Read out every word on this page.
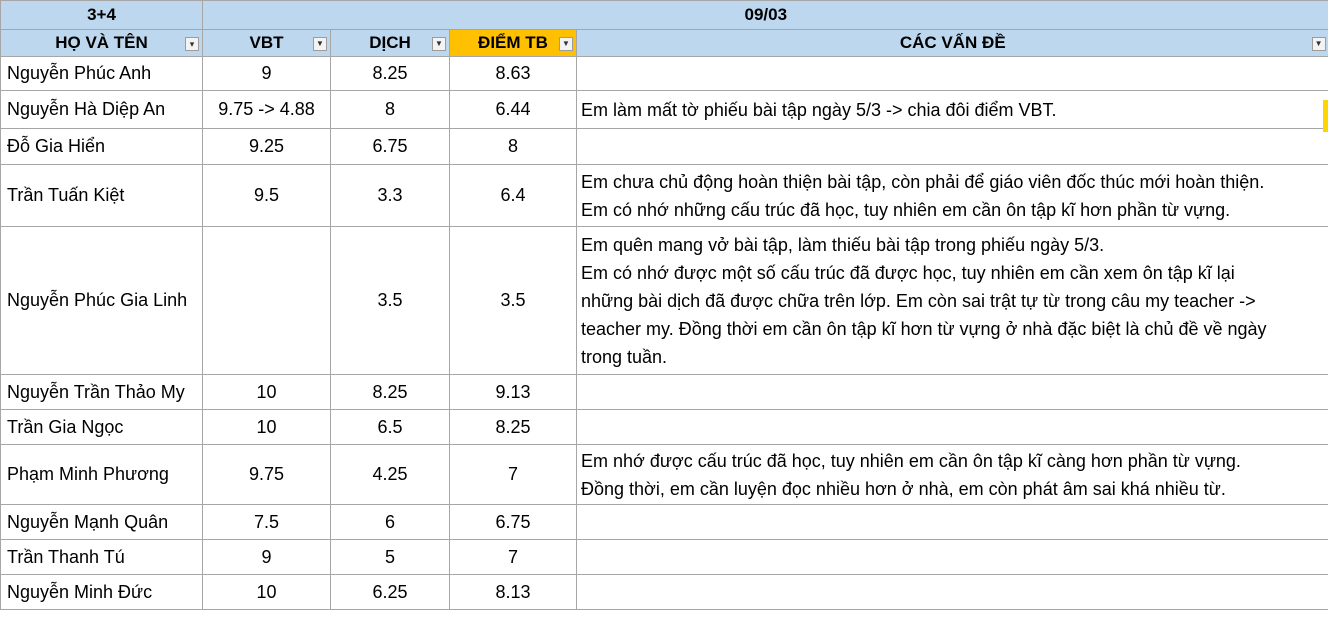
3+4	09/03			
HỌ VÀ TÊN ▾	VBT ▼	DỊCH ▼	ĐIỂM TB ▼	CÁC VẤN ĐỀ ▼

Nguyễn Phúc Anh	9	8.25	8.63	
Nguyễn Hà Diệp An	9.75 -> 4.88	8	6.44	Em làm mất tờ phiếu bài tập ngày 5/3 -> chia đôi điểm VBT.

Đỗ Gia Hiển	9.25	6.75	8	
Trần Tuấn Kiệt	9.5	3.3	6.4	Em chưa chủ động hoàn thiện bài tập, còn phải để giáo viên đốc thúc mới hoàn thiện.
Em có nhớ những cấu trúc đã học, tuy nhiên em cần ôn tập kĩ hơn phần từ vựng.

Nguyễn Phúc Gia Linh		3.5	3.5	Em quên mang vở bài tập, làm thiếu bài tập trong phiếu ngày 5/3.
Em có nhớ được một số cấu trúc đã được học, tuy nhiên em cần xem ôn tập kĩ lại
những bài dịch đã được chữa trên lớp. Em còn sai trật tự từ trong câu my teacher ->
teacher my. Đồng thời em cần ôn tập kĩ hơn từ vựng ở nhà đặc biệt là chủ đề về ngày
trong tuần.

Nguyễn Trần Thảo My	10	8.25	9.13	
Trần Gia Ngọc	10	6.5	8.25	
Phạm Minh Phương	9.75	4.25	7	Em nhớ được cấu trúc đã học, tuy nhiên em cần ôn tập kĩ càng hơn phần từ vựng.
Đồng thời, em cần luyện đọc nhiều hơn ở nhà, em còn phát âm sai khá nhiều từ.

Nguyễn Mạnh Quân	7.5	6	6.75	
Trần Thanh Tú	9	5	7	
Nguyễn Minh Đức	10	6.25	8.13	
